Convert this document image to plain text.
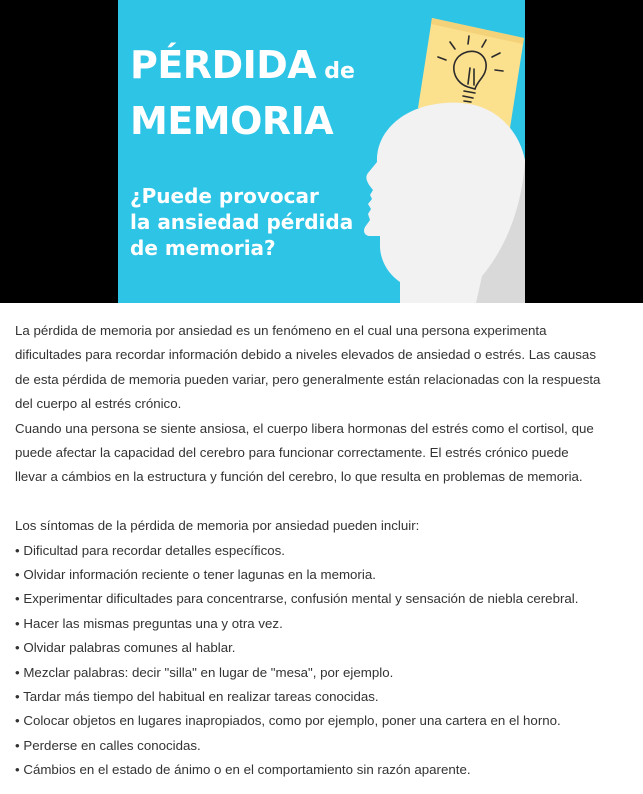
PÉRDIDA de
MEMORIA
¿Puede provocar
la ansiedad pérdida
de memoria?

La pérdida de memoria por ansiedad es un fenómeno en el cual una persona experimenta
dificultades para recordar información debido a niveles elevados de ansiedad o estrés. Las causas
de esta pérdida de memoria pueden variar, pero generalmente están relacionadas con la respuesta
del cuerpo al estrés crónico.

Cuando una persona se siente ansiosa, el cuerpo libera hormonas del estrés como el cortisol, que
puede afectar la capacidad del cerebro para funcionar correctamente. El estrés crónico puede
llevar a cámbios en la estructura y función del cerebro, lo que resulta en problemas de memoria.

Los síntomas de la pérdida de memoria por ansiedad pueden incluir:

• Dificultad para recordar detalles específicos.
• Olvidar información reciente o tener lagunas en la memoria.
• Experimentar dificultades para concentrarse, confusión mental y sensación de niebla cerebral.
• Hacer las mismas preguntas una y otra vez.
• Olvidar palabras comunes al hablar.
• Mezclar palabras: decir "silla" en lugar de "mesa", por ejemplo.
• Tardar más tiempo del habitual en realizar tareas conocidas.
• Colocar objetos en lugares inapropiados, como por ejemplo, poner una cartera en el horno.
• Perderse en calles conocidas.
• Cámbios en el estado de ánimo o en el comportamiento sin razón aparente.
